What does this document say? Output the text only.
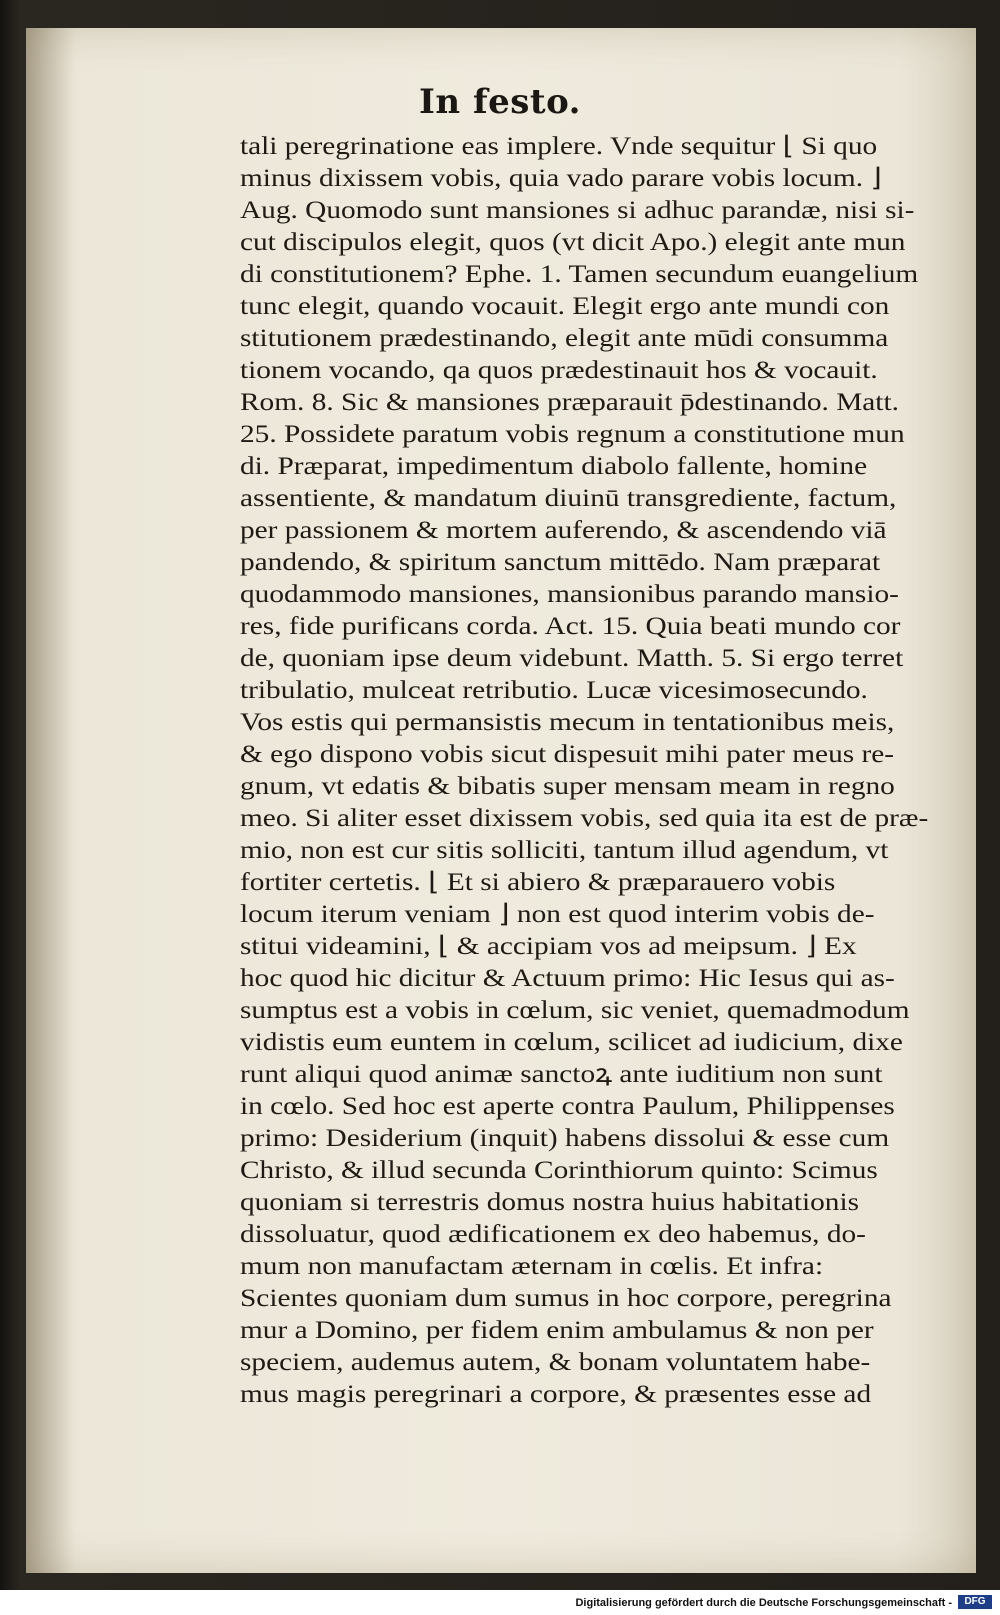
In festo.
tali peregrinatione eas implere. Vnde sequitur ⌊ Si quo
minus dixissem vobis, quia vado parare vobis locum. ⌋
Aug. Quomodo sunt mansiones si adhuc parandæ, nisi si-
cut discipulos elegit, quos (vt dicit Apo.) elegit ante mun
di constitutionem? Ephe. 1. Tamen secundum euangelium
tunc elegit, quando vocauit. Elegit ergo ante mundi con
stitutionem prædestinando, elegit ante mūdi consumma
tionem vocando, qa quos prædestinauit hos & vocauit.
Rom. 8. Sic & mansiones præparauit p̄destinando. Matt.
25. Possidete paratum vobis regnum a constitutione mun
di. Præparat, impedimentum diabolo fallente, homine
assentiente, & mandatum diuinū transgrediente, factum,
per passionem & mortem auferendo, & ascendendo viā
pandendo, & spiritum sanctum mittēdo. Nam præparat
quodammodo mansiones, mansionibus parando mansio-
res, fide purificans corda. Act. 15. Quia beati mundo cor
de, quoniam ipse deum videbunt. Matth. 5. Si ergo terret
tribulatio, mulceat retributio. Lucæ vicesimosecundo.
Vos estis qui permansistis mecum in tentationibus meis,
& ego dispono vobis sicut dispesuit mihi pater meus re-
gnum, vt edatis & bibatis super mensam meam in regno
meo. Si aliter esset dixissem vobis, sed quia ita est de præ-
mio, non est cur sitis solliciti, tantum illud agendum, vt
fortiter certetis. ⌊ Et si abiero & præparauero vobis
locum iterum veniam ⌋ non est quod interim vobis de-
stitui videamini, ⌊ & accipiam vos ad meipsum. ⌋ Ex
hoc quod hic dicitur & Actuum primo: Hic Iesus qui as-
sumptus est a vobis in cœlum, sic veniet, quemadmodum
vidistis eum euntem in cœlum, scilicet ad iudicium, dixe
runt aliqui quod animæ sanctoꝝ ante iuditium non sunt
in cœlo. Sed hoc est aperte contra Paulum, Philippenses
primo: Desiderium (inquit) habens dissolui & esse cum
Christo, & illud secunda Corinthiorum quinto: Scimus
quoniam si terrestris domus nostra huius habitationis
dissoluatur, quod ædificationem ex deo habemus, do-
mum non manufactam æternam in cœlis. Et infra:
Scientes quoniam dum sumus in hoc corpore, peregrina
mur a Domino, per fidem enim ambulamus & non per
speciem, audemus autem, & bonam voluntatem habe-
mus magis peregrinari a corpore, & præsentes esse ad
Digitalisierung gefördert durch die Deutsche Forschungsgemeinschaft -	DFG
